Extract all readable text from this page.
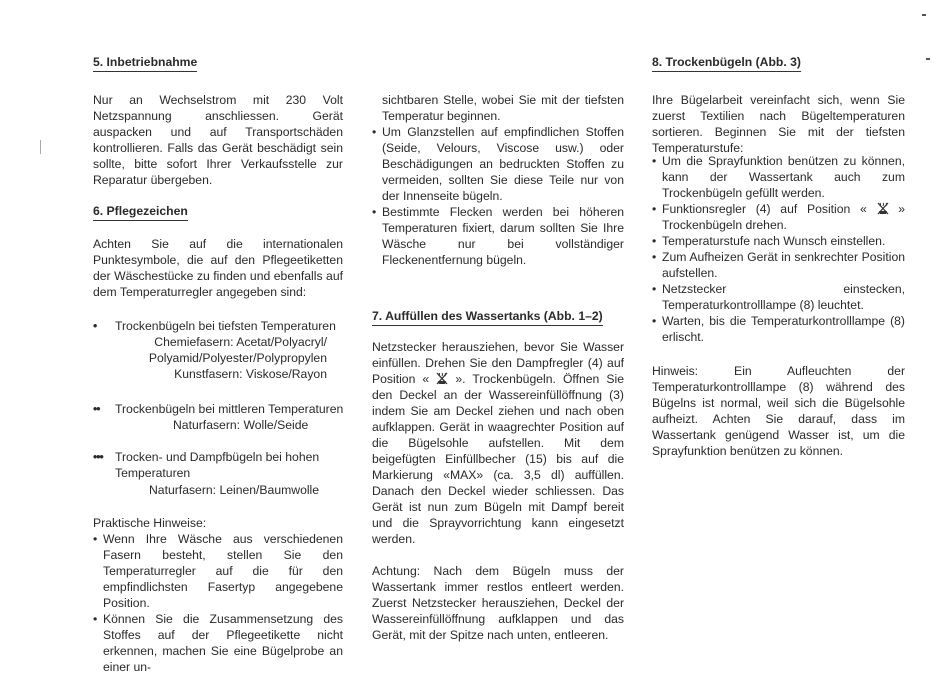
5. Inbetriebnahme
Nur an Wechselstrom mit 230 Volt Netzspannung anschliessen. Gerät auspacken und auf Transportschäden kontrollieren. Falls das Gerät beschädigt sein sollte, bitte sofort Ihrer Verkaufsstelle zur Reparatur übergeben.
6. Pflegezeichen
Achten Sie auf die internationalen Punktesymbole, die auf den Pflegeetiketten der Wäschestücke zu finden und ebenfalls auf dem Temperaturregler angegeben sind:
• Trockenbügeln bei tiefsten Temperaturen
Chemiefasern: Acetat/Polyacryl/
Polyamid/Polyester/Polypropylen
Kunstfasern: Viskose/Rayon
•• Trockenbügeln bei mittleren Temperaturen
Naturfasern: Wolle/Seide
••• Trocken- und Dampfbügeln bei hohen
Temperaturen
Naturfasern: Leinen/Baumwolle
Praktische Hinweise:
• Wenn Ihre Wäsche aus verschiedenen Fasern besteht, stellen Sie den Temperaturregler auf die für den empfindlichsten Fasertyp angegebene Position.
• Können Sie die Zusammensetzung des Stoffes auf der Pflegeetikette nicht erkennen, machen Sie eine Bügelprobe an einer un-
sichtbaren Stelle, wobei Sie mit der tiefsten Temperatur beginnen.
• Um Glanzstellen auf empfindlichen Stoffen (Seide, Velours, Viscose usw.) oder Beschädigungen an bedruckten Stoffen zu vermeiden, sollten Sie diese Teile nur von der Innenseite bügeln.
• Bestimmte Flecken werden bei höheren Temperaturen fixiert, darum sollten Sie Ihre Wäsche nur bei vollständiger Fleckenentfernung bügeln.
7. Auffüllen des Wassertanks (Abb. 1–2)
Netzstecker herausziehen, bevor Sie Wasser einfüllen. Drehen Sie den Dampfregler (4) auf Position « ». Trockenbügeln. Öffnen Sie den Deckel an der Wassereinfüllöffnung (3) indem Sie am Deckel ziehen und nach oben aufklappen. Gerät in waagrechter Position auf die Bügelsohle aufstellen. Mit dem beigefügten Einfüllbecher (15) bis auf die Markierung «MAX» (ca. 3,5 dl) auffüllen. Danach den Deckel wieder schliessen. Das Gerät ist nun zum Bügeln mit Dampf bereit und die Sprayvorrichtung kann eingesetzt werden.
Achtung: Nach dem Bügeln muss der Wassertank immer restlos entleert werden. Zuerst Netzstecker herausziehen, Deckel der Wassereinfüllöffnung aufklappen und das Gerät, mit der Spitze nach unten, entleeren.
8. Trockenbügeln (Abb. 3)
Ihre Bügelarbeit vereinfacht sich, wenn Sie zuerst Textilien nach Bügeltemperaturen sortieren. Beginnen Sie mit der tiefsten Temperaturstufe:
• Um die Sprayfunktion benützen zu können, kann der Wassertank auch zum Trockenbügeln gefüllt werden.
• Funktionsregler (4) auf Position «	» Trockenbügeln drehen.
• Temperaturstufe nach Wunsch einstellen.
• Zum Aufheizen Gerät in senkrechter Position aufstellen.
• Netzstecker einstecken, Temperaturkontrolllampe (8) leuchtet.
• Warten, bis die Temperaturkontrolllampe (8) erlischt.
Hinweis: Ein Aufleuchten der Temperaturkontrolllampe (8) während des Bügelns ist normal, weil sich die Bügelsohle aufheizt. Achten Sie darauf, dass im Wassertank genügend Wasser ist, um die Sprayfunktion benützen zu können.
